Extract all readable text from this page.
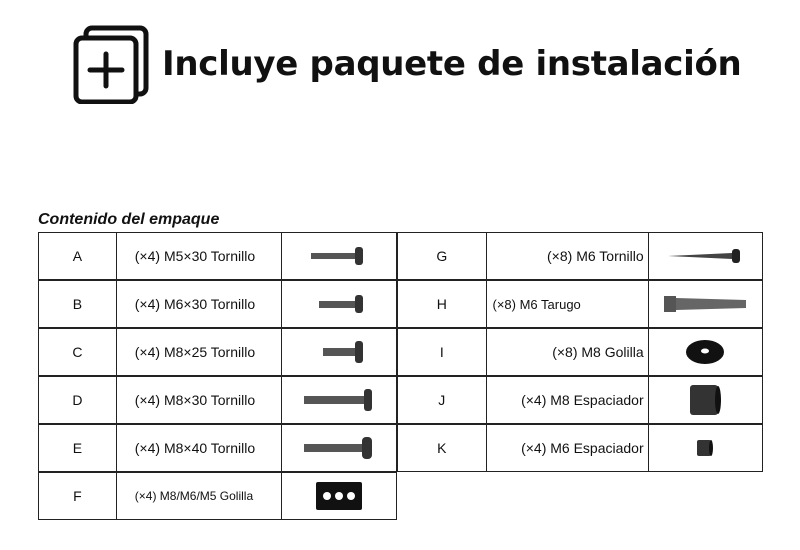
Incluye paquete de instalación
Contenido del empaque
A	(×4) M5×30 Tornillo
B	(×4) M6×30 Tornillo
C	(×4) M8×25 Tornillo
D	(×4) M8×30 Tornillo
E	(×4) M8×40 Tornillo
F	(×4) M8/M6/M5 Golilla
G	(×8) M6 Tornillo
H	(×8) M6 Tarugo
I	(×8) M8 Golilla
J	(×4) M8 Espaciador
K	(×4) M6 Espaciador
